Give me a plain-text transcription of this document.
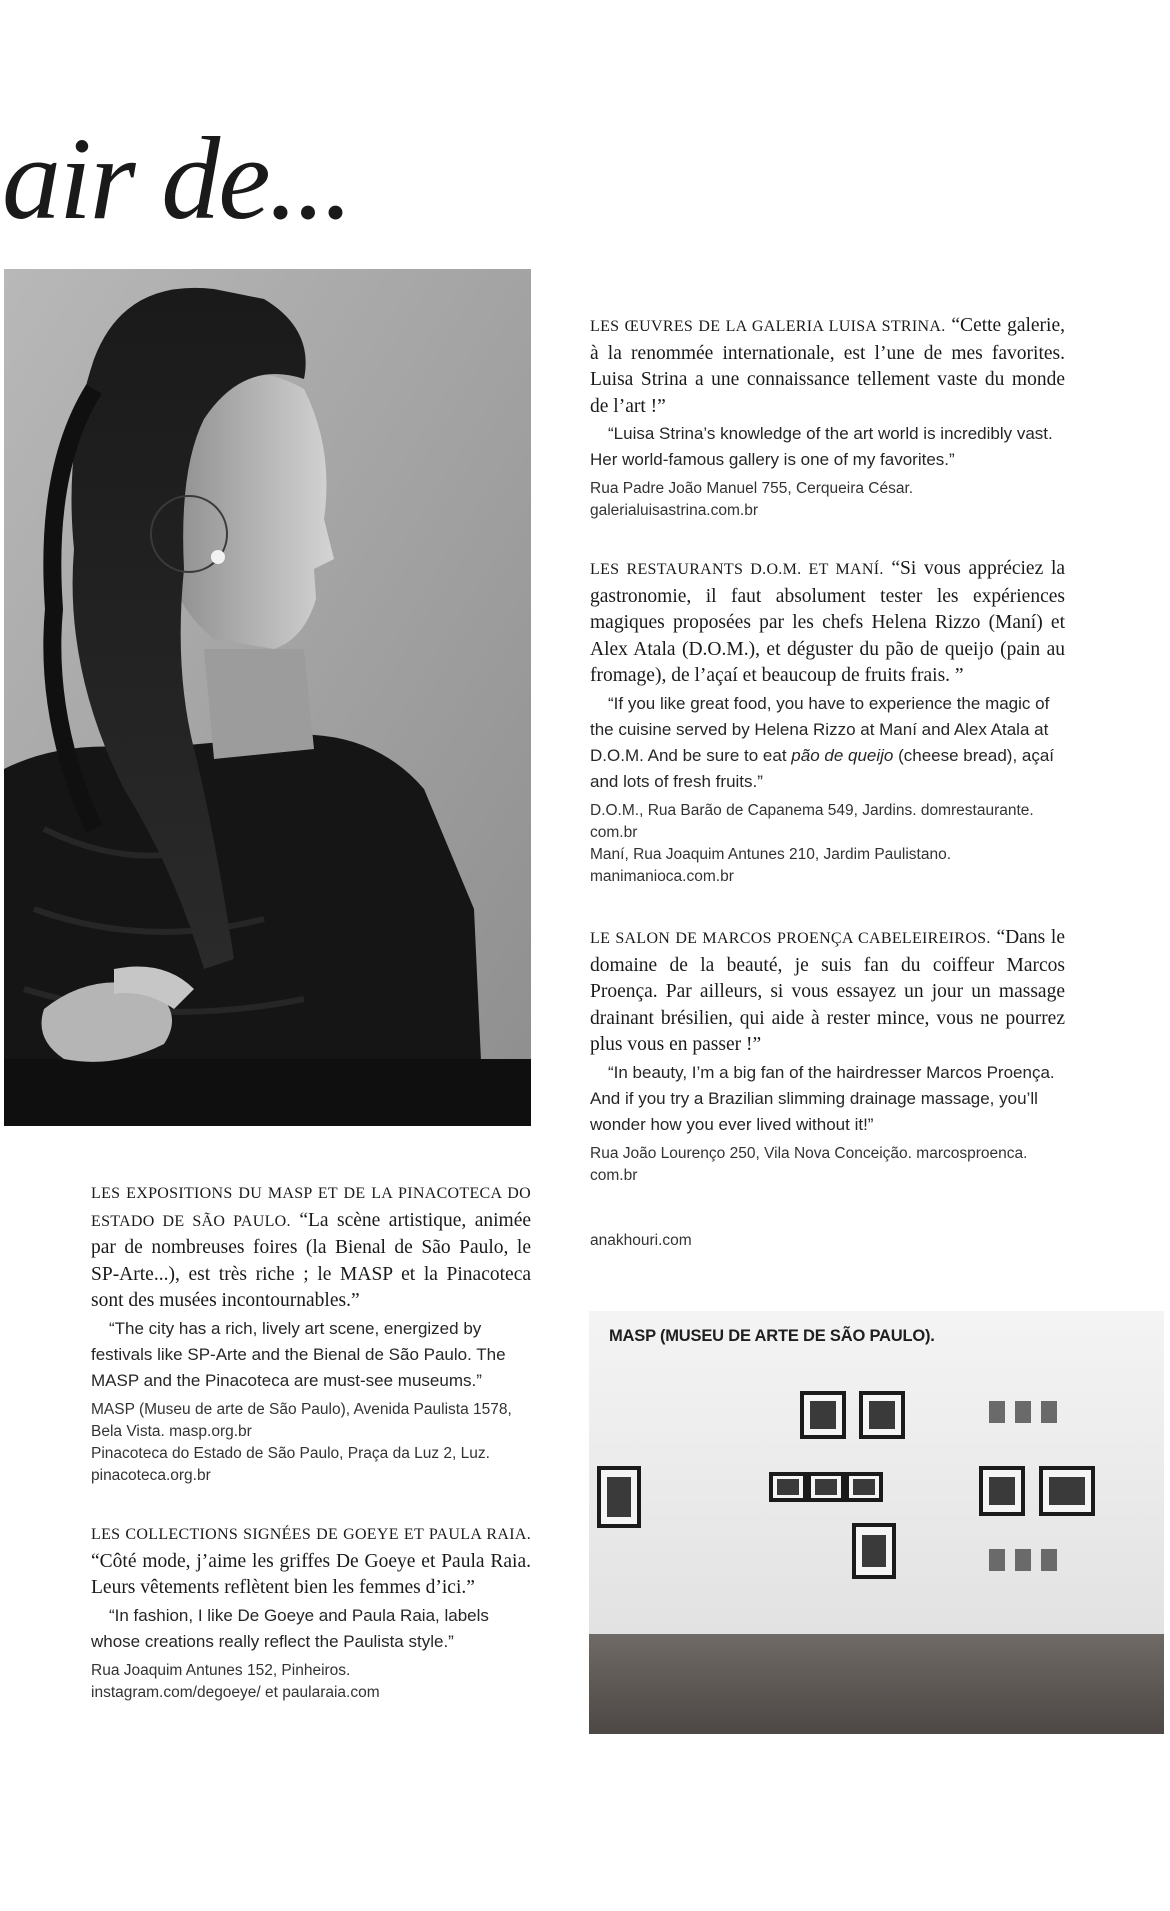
air de...

LES ŒUVRES DE LA GALERIA LUISA STRINA. “Cette galerie, à la renommée internationale, est l’une de mes favorites. Luisa Strina a une connaissance tellement vaste du monde de l’art !”

“Luisa Strina’s knowledge of the art world is incredibly vast. Her world-famous gallery is one of my favorites.”

Rua Padre João Manuel 755, Cerqueira César.
galerialuisastrina.com.br

LES RESTAURANTS D.O.M. ET MANÍ. “Si vous appréciez la gastronomie, il faut absolument tester les expériences magiques proposées par les chefs Helena Rizzo (Maní) et Alex Atala (D.O.M.), et déguster du pão de queijo (pain au fromage), de l’açaí et beaucoup de fruits frais. ”

“If you like great food, you have to experience the magic of the cuisine served by Helena Rizzo at Maní and Alex Atala at D.O.M. And be sure to eat pão de queijo (cheese bread), açaí and lots of fresh fruits.”

D.O.M., Rua Barão de Capanema 549, Jardins. domrestaurante.
com.br
Maní, Rua Joaquim Antunes 210, Jardim Paulistano.
manimanioca.com.br

LE SALON DE MARCOS PROENÇA CABELEIREIROS. “Dans le domaine de la beauté, je suis fan du coiffeur Marcos Proença. Par ailleurs, si vous essayez un jour un massage drainant brésilien, qui aide à rester mince, vous ne pourrez plus vous en passer !”

“In beauty, I’m a big fan of the hairdresser Marcos Proença. And if you try a Brazilian slimming drainage massage, you’ll wonder how you ever lived without it!”

Rua João Lourenço 250, Vila Nova Conceição. marcosproenca.
com.br

anakhouri.com

LES EXPOSITIONS DU MASP ET DE LA PINACOTECA DO ESTADO DE SÃO PAULO. “La scène artistique, animée par de nombreuses foires (la Bienal de São Paulo, le SP-Arte...), est très riche ; le MASP et la Pinacoteca sont des musées incontournables.”

“The city has a rich, lively art scene, energized by festivals like SP-Arte and the Bienal de São Paulo. The MASP and the Pinacoteca are must-see museums.”

MASP (Museu de arte de São Paulo), Avenida Paulista 1578,
Bela Vista. masp.org.br
Pinacoteca do Estado de São Paulo, Praça da Luz 2, Luz.
pinacoteca.org.br

LES COLLECTIONS SIGNÉES DE GOEYE ET PAULA RAIA. “Côté mode, j’aime les griffes De Goeye et Paula Raia. Leurs vêtements reflètent bien les femmes d’ici.”

“In fashion, I like De Goeye and Paula Raia, labels whose creations really reflect the Paulista style.”

Rua Joaquim Antunes 152, Pinheiros.
instagram.com/degoeye/ et paularaia.com

MASP (MUSEU DE ARTE DE SÃO PAULO).
